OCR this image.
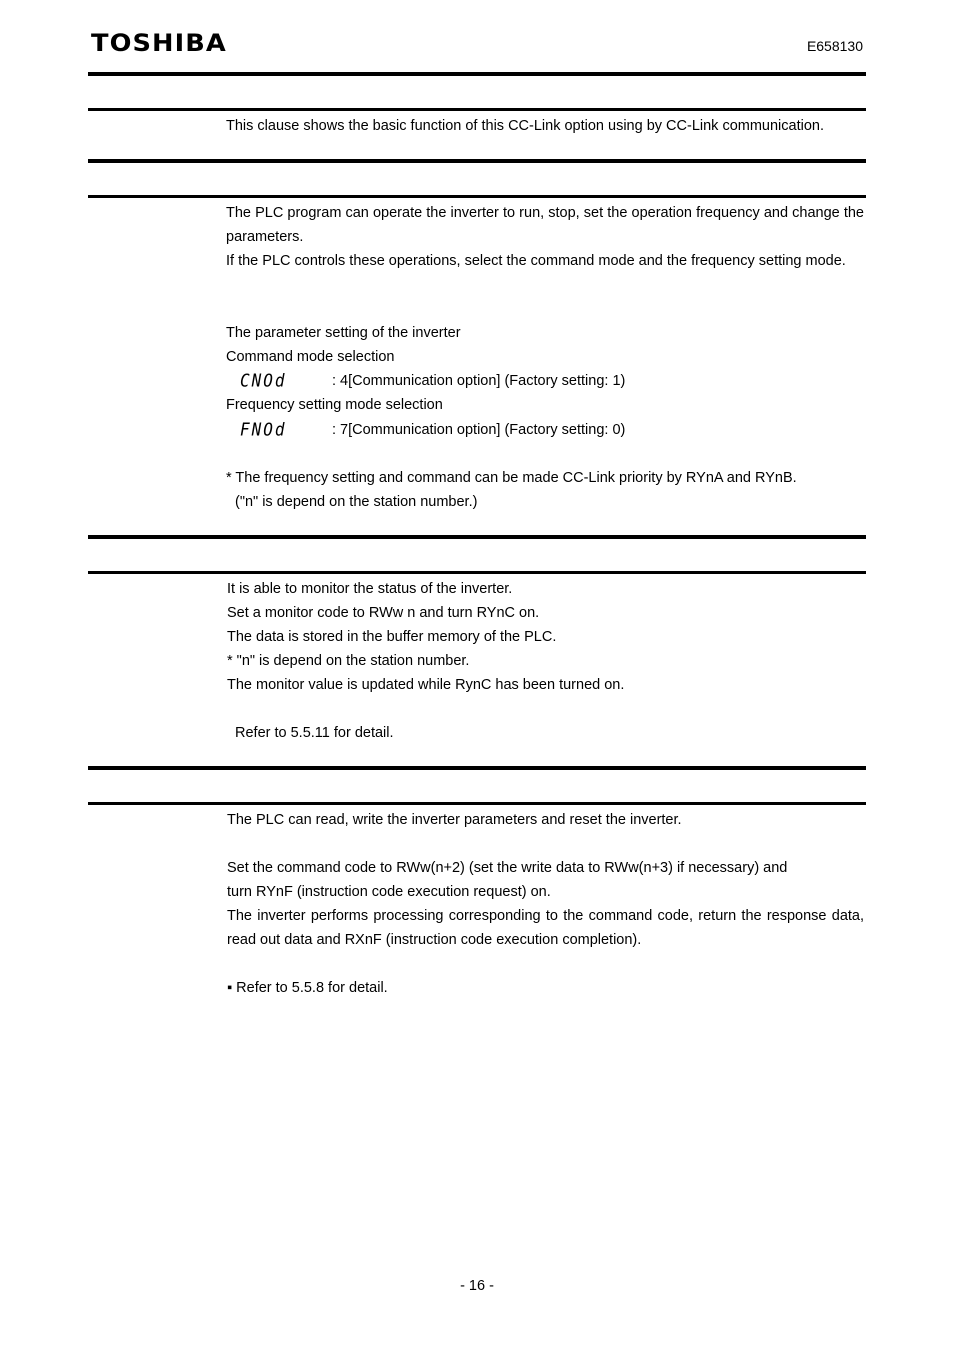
TOSHIBA	E658130
This clause shows the basic function of this CC-Link option using by CC-Link communication.
The PLC program can operate the inverter to run, stop, set the operation frequency and change the parameters.
If the PLC controls these operations, select the command mode and the frequency setting mode.
The parameter setting of the inverter
Command mode selection
CNOd	: 4[Communication option] (Factory setting: 1)
Frequency setting mode selection
FNOd	: 7[Communication option] (Factory setting: 0)
* The frequency setting and command can be made CC-Link priority by RYnA and RYnB.
("n" is depend on the station number.)
It is able to monitor the status of the inverter.
Set a monitor code to RWw n and turn RYnC on.
The data is stored in the buffer memory of the PLC.
* "n" is depend on the station number.
The monitor value is updated while RynC has been turned on.
Refer to 5.5.11 for detail.
The PLC can read, write the inverter parameters and reset the inverter.
Set the command code to RWw(n+2) (set the write data to RWw(n+3) if necessary) and
turn RYnF (instruction code execution request) on.
The inverter performs processing corresponding to the command code, return the response data, read out data and RXnF (instruction code execution completion).
▪ Refer to 5.5.8 for detail.
- 16 -
